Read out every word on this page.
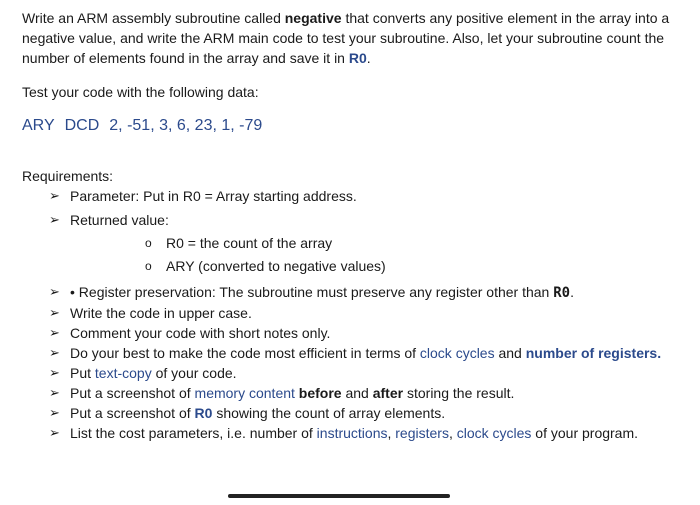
Write an ARM assembly subroutine called negative that converts any positive element in the array into a negative value, and write the ARM main code to test your subroutine. Also, let your subroutine count the number of elements found in the array and save it in R0.

Test your code with the following data:

ARY DCD 2, -51, 3, 6, 23, 1, -79

Requirements:

➢ Parameter: Put in R0 = Array starting address.
➢ Returned value:
o R0 = the count of the array
o ARY (converted to negative values)
➢ • Register preservation: The subroutine must preserve any register other than R0.
➢ Write the code in upper case.
➢ Comment your code with short notes only.
➢ Do your best to make the code most efficient in terms of clock cycles and number of registers.
➢ Put text-copy of your code.
➢ Put a screenshot of memory content before and after storing the result.
➢ Put a screenshot of R0 showing the count of array elements.
➢ List the cost parameters, i.e. number of instructions, registers, clock cycles of your program.
